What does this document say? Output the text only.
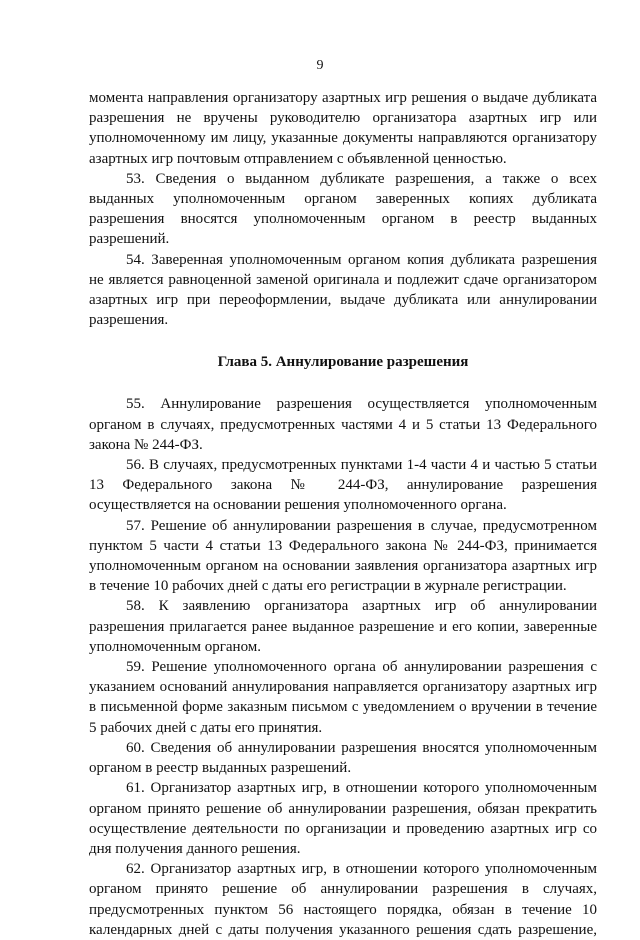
9

момента направления организатору азартных игр решения о выдаче дубликата разрешения не вручены руководителю организатора азартных игр или уполномоченному им лицу, указанные документы направляются организатору азартных игр почтовым отправлением с объявленной ценностью.

53. Сведения о выданном дубликате разрешения, а также о всех выданных уполномоченным органом заверенных копиях дубликата разрешения вносятся уполномоченным органом в реестр выданных разрешений.

54. Заверенная уполномоченным органом копия дубликата разрешения не является равноценной заменой оригинала и подлежит сдаче организатором азартных игр при переоформлении, выдаче дубликата или аннулировании разрешения.

Глава 5. Аннулирование разрешения

55. Аннулирование разрешения осуществляется уполномоченным органом в случаях, предусмотренных частями 4 и 5 статьи 13 Федерального закона № 244-ФЗ.

56. В случаях, предусмотренных пунктами 1-4 части 4 и частью 5 статьи 13 Федерального закона № 244-ФЗ, аннулирование разрешения осуществляется на основании решения уполномоченного органа.

57. Решение об аннулировании разрешения в случае, предусмотренном пунктом 5 части 4 статьи 13 Федерального закона № 244-ФЗ, принимается уполномоченным органом на основании заявления организатора азартных игр в течение 10 рабочих дней с даты его регистрации в журнале регистрации.

58. К заявлению организатора азартных игр об аннулировании разрешения прилагается ранее выданное разрешение и его копии, заверенные уполномоченным органом.

59. Решение уполномоченного органа об аннулировании разрешения с указанием оснований аннулирования направляется организатору азартных игр в письменной форме заказным письмом с уведомлением о вручении в течение 5 рабочих дней с даты его принятия.

60. Сведения об аннулировании разрешения вносятся уполномоченным органом в реестр выданных разрешений.

61. Организатор азартных игр, в отношении которого уполномоченным органом принято решение об аннулировании разрешения, обязан прекратить осуществление деятельности по организации и проведению азартных игр со дня получения данного решения.

62. Организатор азартных игр, в отношении которого уполномоченным органом принято решение об аннулировании разрешения в случаях, предусмотренных пунктом 56 настоящего порядка, обязан в течение 10 календарных дней с даты получения указанного решения сдать разрешение,
